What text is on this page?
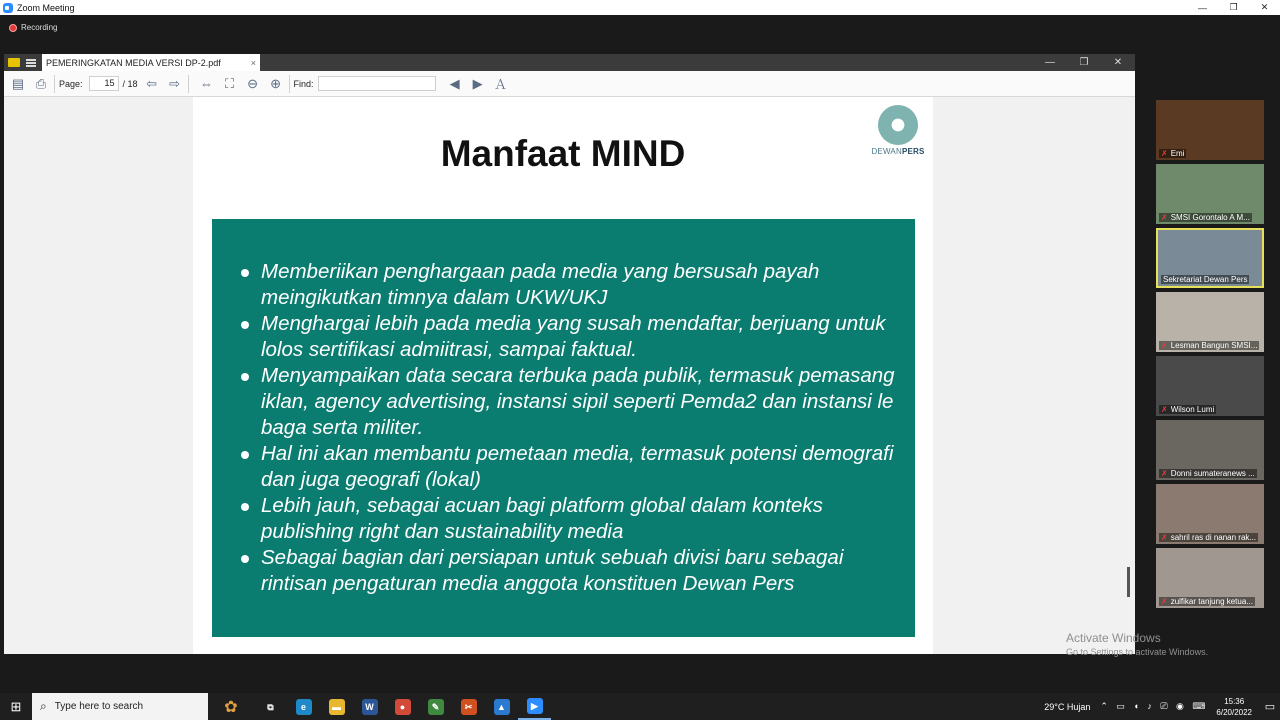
Zoom Meeting	—	❐	✕
Recording
PEMERINGKATAN MEDIA VERSI DP-2.pdf	×	—	❐	✕
▤ ⎙	Page:	15 / 18 ⇦ ⇨ ⇔ ⛶	⊖ ⊕	Find:	◀	▶ Ａ
DEWANPERS
Manfaat MIND
Memberiikan penghargaan pada media yang bersusah payah meingikutkan timnya dalam UKW/UKJ
Menghargai lebih pada media yang susah mendaftar, berjuang untuk lolos sertifikasi admiitrasi, sampai faktual.
Menyampaikan data secara terbuka pada publik, termasuk pemasang iklan, agency advertising, instansi sipil seperti Pemda2 dan instansi le baga serta militer.
Hal ini akan membantu pemetaan media, termasuk potensi demografi dan juga geografi (lokal)
Lebih jauh, sebagai acuan bagi platform global dalam konteks publishing right dan sustainability media
Sebagai bagian dari persiapan untuk sebuah divisi baru sebagai rintisan pengaturan media anggota konstituen Dewan Pers
✗ Emi
✗ SMSI Gorontalo A M...
Sekretariat Dewan Pers
✗ Lesman Bangun SMSI...
✗ Wilson Lumi
✗ Donni sumateranews ...
✗ sahril ras di nanan rak...
✗ zulfikar tanjung ketua...
Activate Windows
Go to Settings to activate Windows.
⊞	⌕ Type here to search	✿	⧉	e	▬	W	●	✎	✂	▲	▶	29°C Hujan ⌃ ▭ ◖ ♪ ⎚ ◉ ⌨	15:36
6/20/2022	▭
